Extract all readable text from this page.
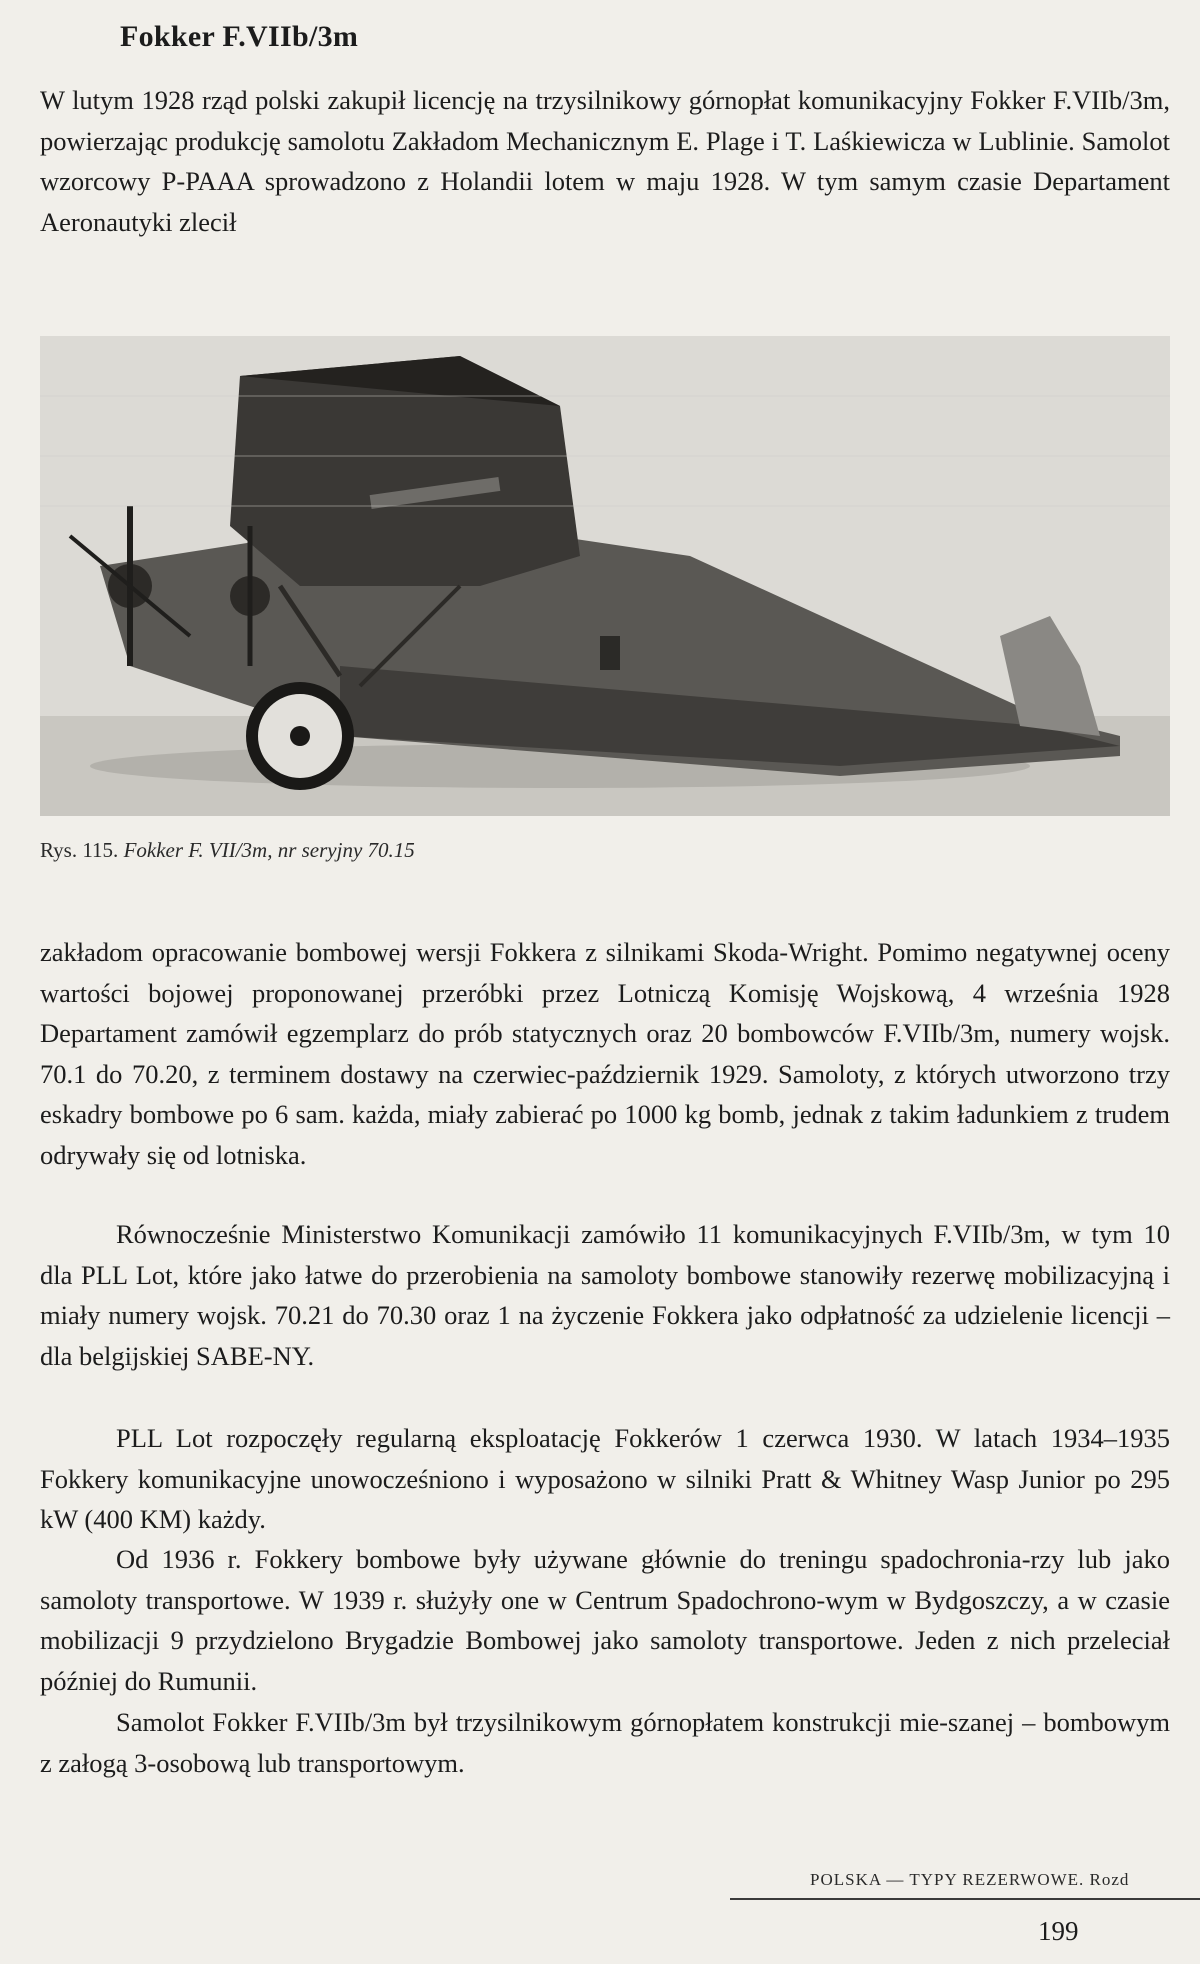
Fokker F.VIIb/3m

W lutym 1928 rząd polski zakupił licencję na trzysilnikowy górnopłat komunikacyjny Fokker F.VIIb/3m, powierzając produkcję samolotu Zakładom Mechanicznym E. Plage i T. Laśkiewicza w Lublinie. Samolot wzorcowy P-PAAA sprowadzono z Holandii lotem w maju 1928. W tym samym czasie Departament Aeronautyki zlecił

Rys. 115. Fokker F. VII/3m, nr seryjny 70.15

zakładom opracowanie bombowej wersji Fokkera z silnikami Skoda-Wright. Pomimo negatywnej oceny wartości bojowej proponowanej przeróbki przez Lotniczą Komisję Wojskową, 4 września 1928 Departament zamówił egzemplarz do prób statycznych oraz 20 bombowców F.VIIb/3m, numery wojsk. 70.1 do 70.20, z terminem dostawy na czerwiec-październik 1929. Samoloty, z których utworzono trzy eskadry bombowe po 6 sam. każda, miały zabierać po 1000 kg bomb, jednak z takim ładunkiem z trudem odrywały się od lotniska.

Równocześnie Ministerstwo Komunikacji zamówiło 11 komunikacyjnych F.VIIb/3m, w tym 10 dla PLL Lot, które jako łatwe do przerobienia na samoloty bombowe stanowiły rezerwę mobilizacyjną i miały numery wojsk. 70.21 do 70.30 oraz 1 na życzenie Fokkera jako odpłatność za udzielenie licencji – dla belgijskiej SABE-NY.

PLL Lot rozpoczęły regularną eksploatację Fokkerów 1 czerwca 1930. W latach 1934–1935 Fokkery komunikacyjne unowocześniono i wyposażono w silniki Pratt & Whitney Wasp Junior po 295 kW (400 KM) każdy.

Od 1936 r. Fokkery bombowe były używane głównie do treningu spadochronia-rzy lub jako samoloty transportowe. W 1939 r. służyły one w Centrum Spadochrono-wym w Bydgoszczy, a w czasie mobilizacji 9 przydzielono Brygadzie Bombowej jako samoloty transportowe. Jeden z nich przeleciał później do Rumunii.

Samolot Fokker F.VIIb/3m był trzysilnikowym górnopłatem konstrukcji mie-szanej – bombowym z załogą 3-osobową lub transportowym.

POLSKA — TYPY REZERWOWE. Rozd
199
